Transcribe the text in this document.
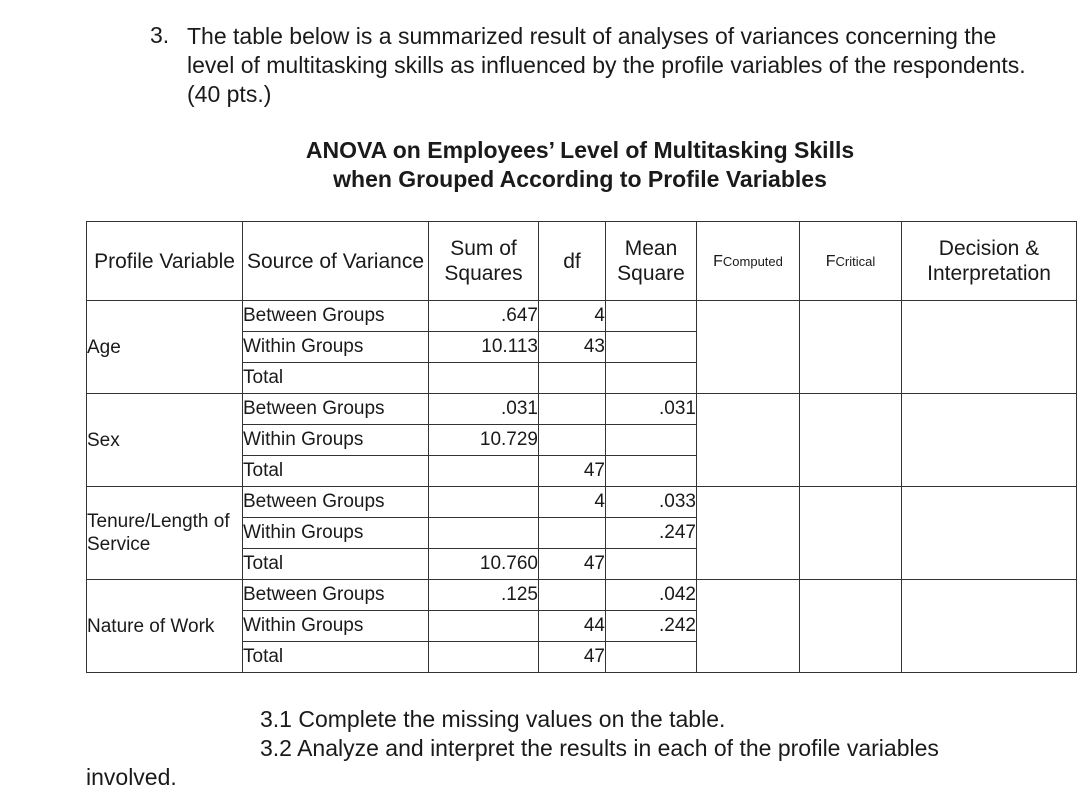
3. The table below is a summarized result of analyses of variances concerning the level of multitasking skills as influenced by the profile variables of the respondents. (40 pts.)
ANOVA on Employees’ Level of Multitasking Skills
when Grouped According to Profile Variables
Profile Variable	Source of Variance	Sum of Squares	df	Mean Square	FComputed	FCritical	Decision & Interpretation
Age	Between Groups	.647	4				
	Within Groups	10.113	43				
	Total						
Sex	Between Groups	.031		.031			
	Within Groups	10.729					
	Total		47				
Tenure/Length of Service	Between Groups		4	.033			
	Within Groups			.247			
	Total	10.760	47				
Nature of Work	Between Groups	.125		.042			
	Within Groups		44	.242			
	Total		47				
3.1 Complete the missing values on the table.
3.2 Analyze and interpret the results in each of the profile variables
involved.
